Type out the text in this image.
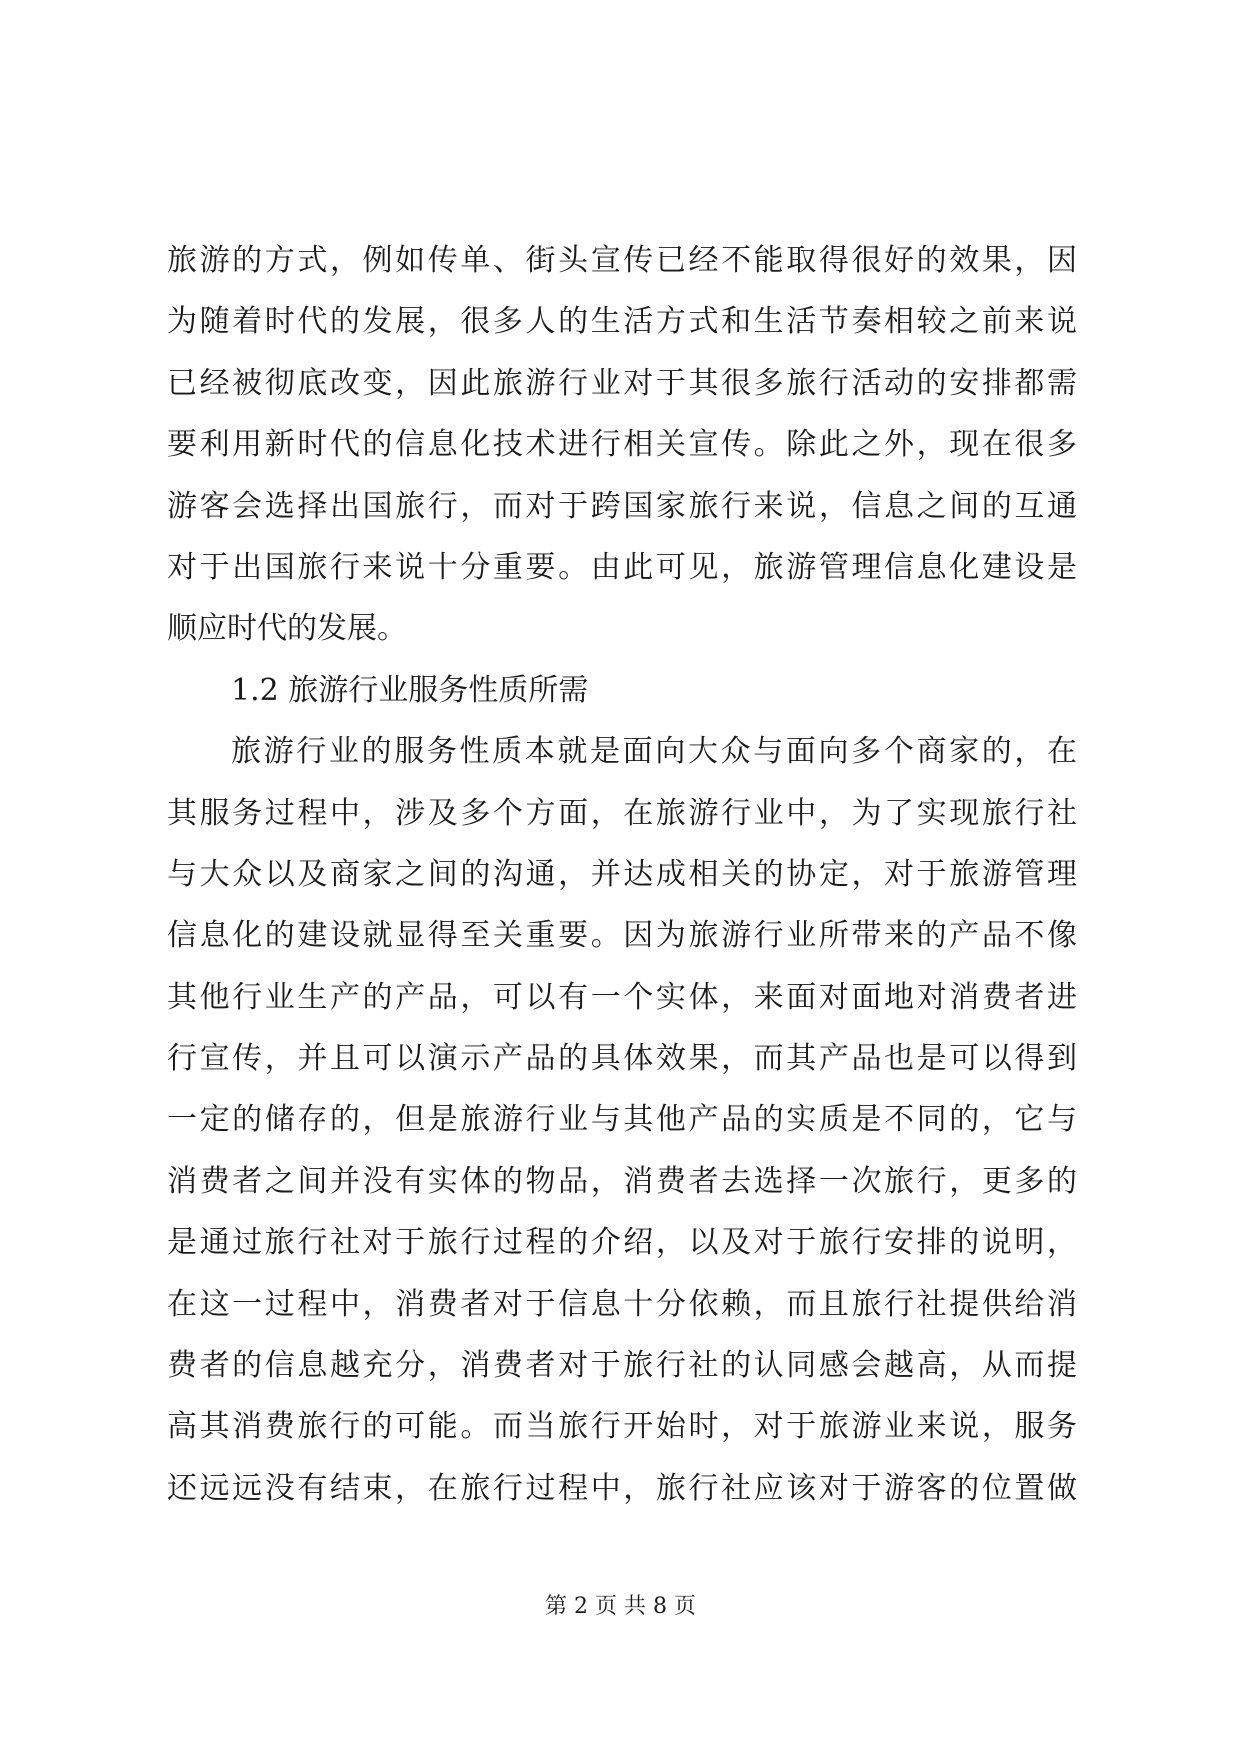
旅游的方式，例如传单、街头宣传已经不能取得很好的效果，因
为随着时代的发展，很多人的生活方式和生活节奏相较之前来说
已经被彻底改变，因此旅游行业对于其很多旅行活动的安排都需
要利用新时代的信息化技术进行相关宣传。除此之外，现在很多
游客会选择出国旅行，而对于跨国家旅行来说，信息之间的互通
对于出国旅行来说十分重要。由此可见，旅游管理信息化建设是
顺应时代的发展。
1.2 旅游行业服务性质所需
旅游行业的服务性质本就是面向大众与面向多个商家的，在
其服务过程中，涉及多个方面，在旅游行业中，为了实现旅行社
与大众以及商家之间的沟通，并达成相关的协定，对于旅游管理
信息化的建设就显得至关重要。因为旅游行业所带来的产品不像
其他行业生产的产品，可以有一个实体，来面对面地对消费者进
行宣传，并且可以演示产品的具体效果，而其产品也是可以得到
一定的储存的，但是旅游行业与其他产品的实质是不同的，它与
消费者之间并没有实体的物品，消费者去选择一次旅行，更多的
是通过旅行社对于旅行过程的介绍，以及对于旅行安排的说明，
在这一过程中，消费者对于信息十分依赖，而且旅行社提供给消
费者的信息越充分，消费者对于旅行社的认同感会越高，从而提
高其消费旅行的可能。而当旅行开始时，对于旅游业来说，服务
还远远没有结束，在旅行过程中，旅行社应该对于游客的位置做
第 2 页 共 8 页
